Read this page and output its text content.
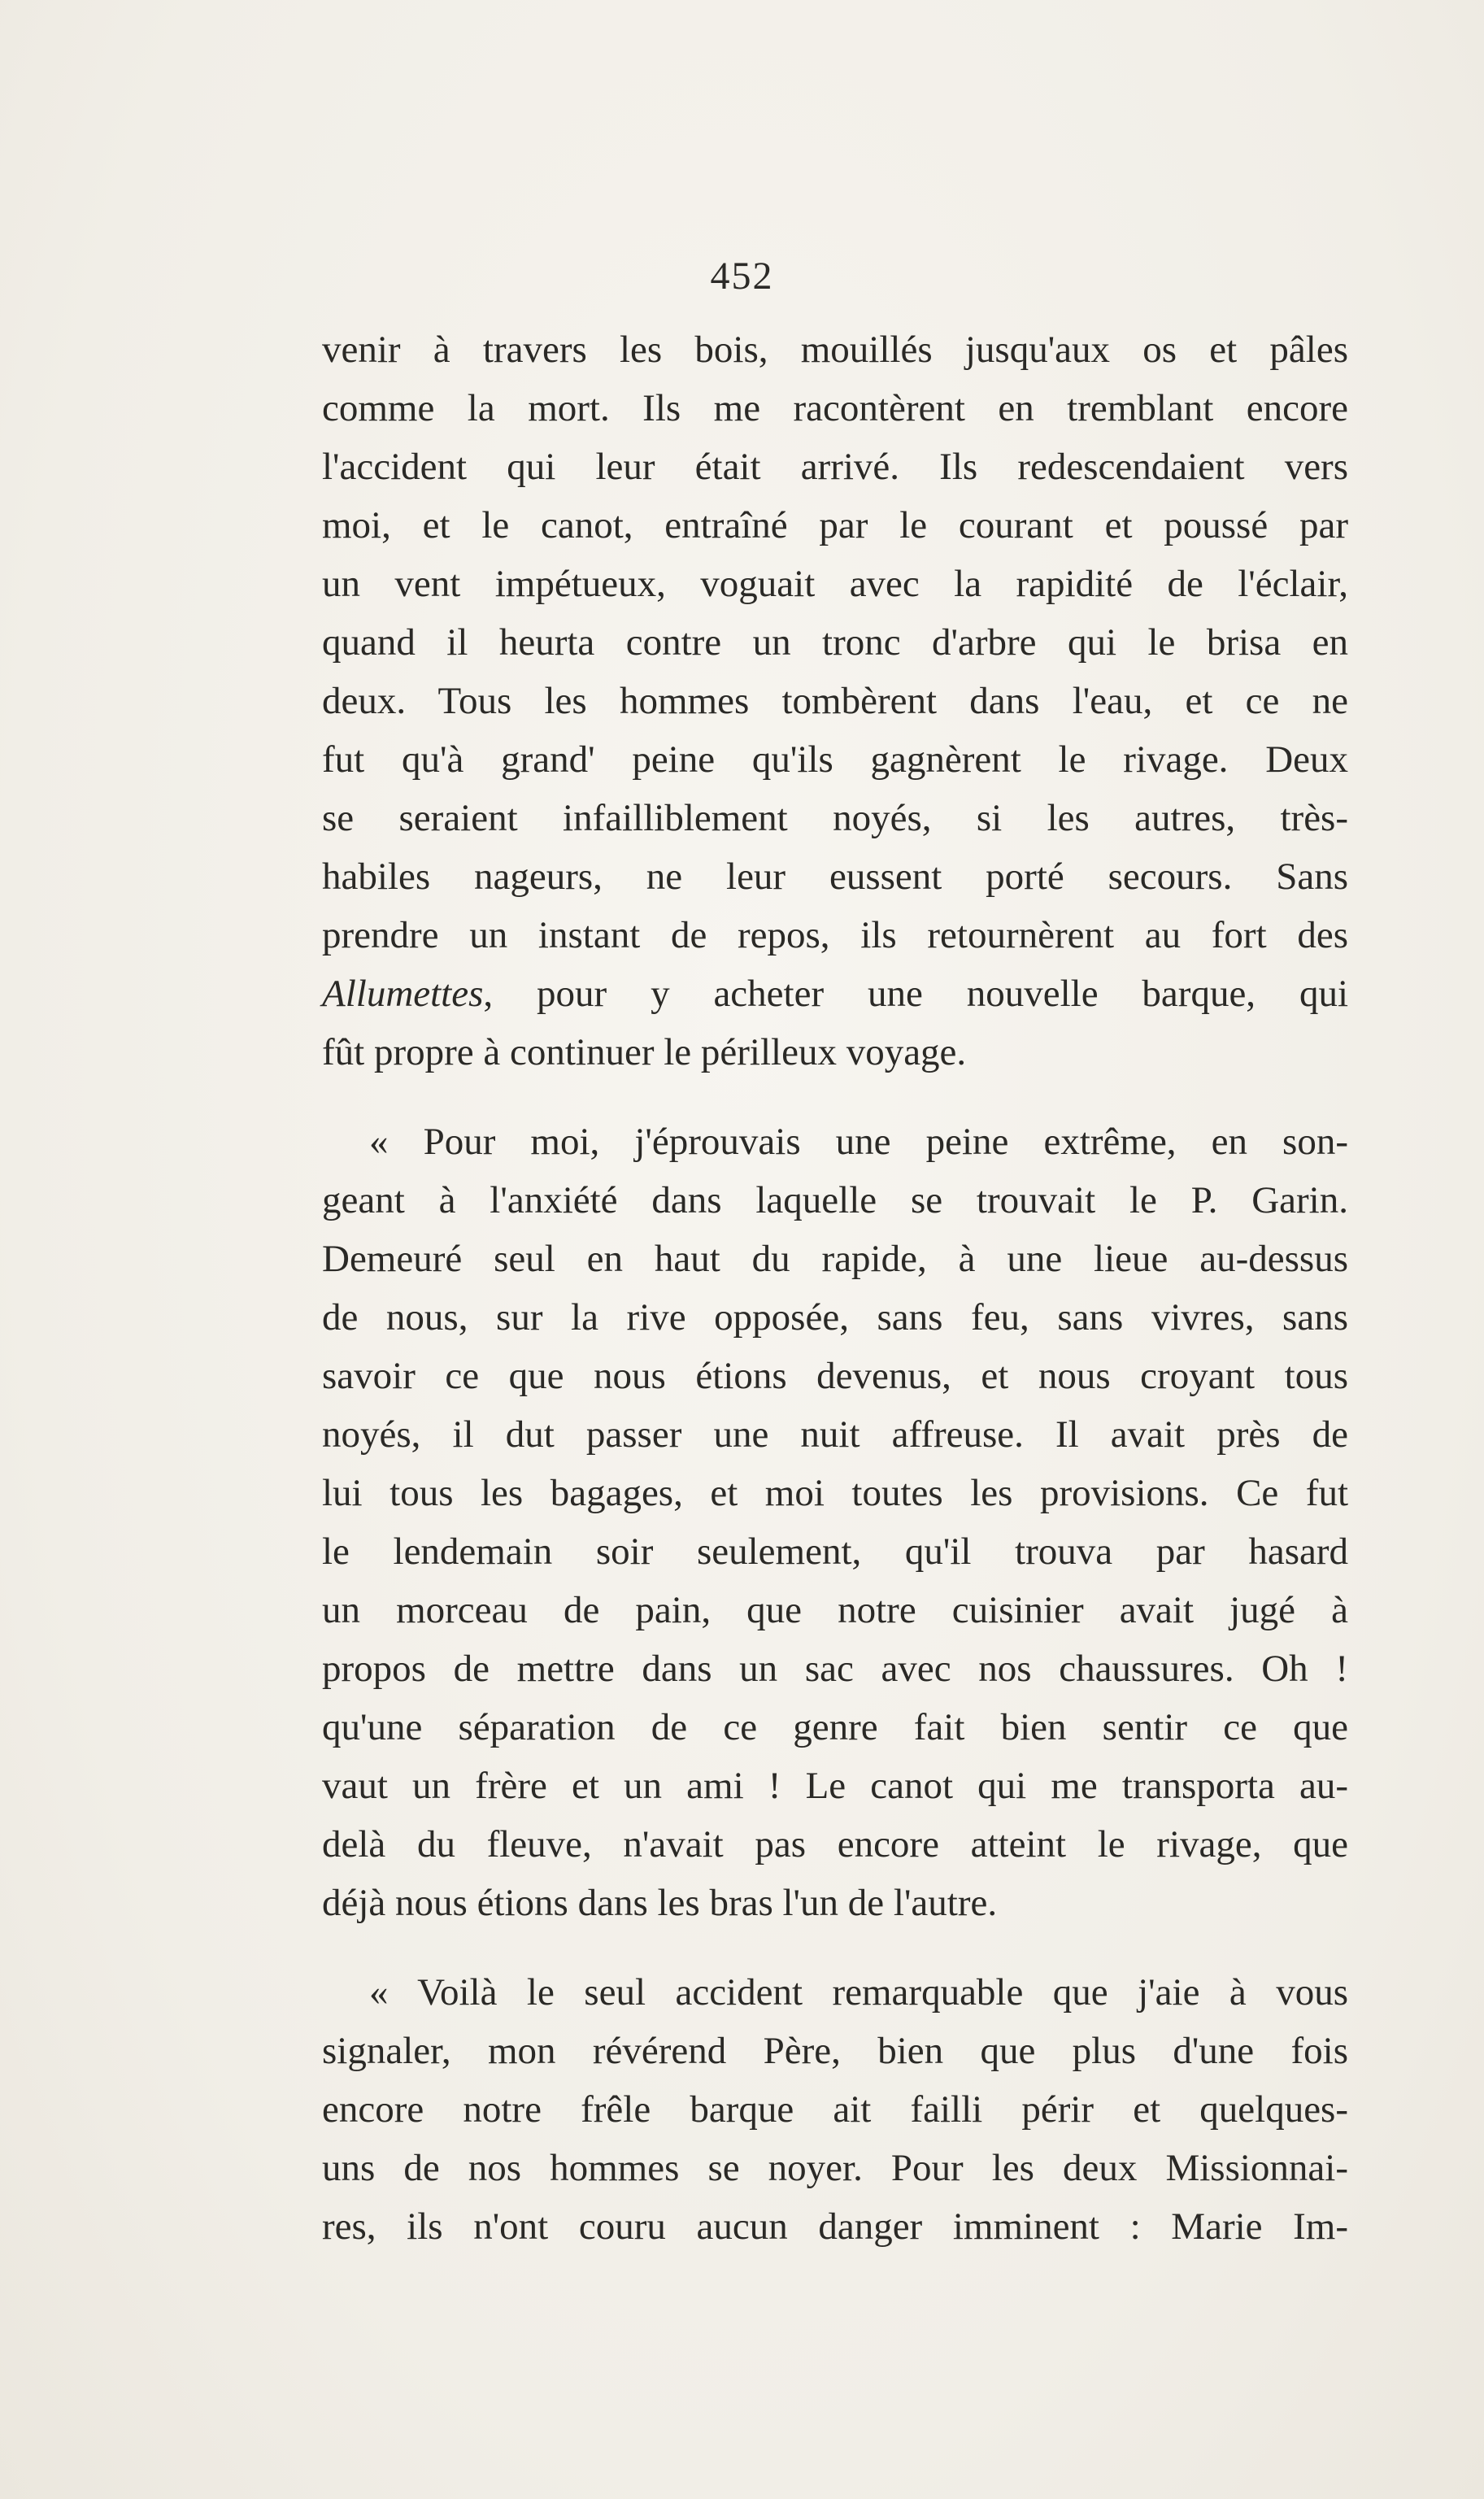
452
venir à travers les bois, mouillés jusqu'aux os et pâles
comme la mort. Ils me racontèrent en tremblant encore
l'accident qui leur était arrivé. Ils redescendaient vers
moi, et le canot, entraîné par le courant et poussé par
un vent impétueux, voguait avec la rapidité de l'éclair,
quand il heurta contre un tronc d'arbre qui le brisa en
deux. Tous les hommes tombèrent dans l'eau, et ce ne
fut qu'à grand' peine qu'ils gagnèrent le rivage. Deux
se seraient infailliblement noyés, si les autres, très-
habiles nageurs, ne leur eussent porté secours. Sans
prendre un instant de repos, ils retournèrent au fort des
Allumettes, pour y acheter une nouvelle barque, qui
fût propre à continuer le périlleux voyage.
« Pour moi, j'éprouvais une peine extrême, en son-
geant à l'anxiété dans laquelle se trouvait le P. Garin.
Demeuré seul en haut du rapide, à une lieue au-dessus
de nous, sur la rive opposée, sans feu, sans vivres, sans
savoir ce que nous étions devenus, et nous croyant tous
noyés, il dut passer une nuit affreuse. Il avait près de
lui tous les bagages, et moi toutes les provisions. Ce fut
le lendemain soir seulement, qu'il trouva par hasard
un morceau de pain, que notre cuisinier avait jugé à
propos de mettre dans un sac avec nos chaussures. Oh !
qu'une séparation de ce genre fait bien sentir ce que
vaut un frère et un ami ! Le canot qui me transporta au-
delà du fleuve, n'avait pas encore atteint le rivage, que
déjà nous étions dans les bras l'un de l'autre.
« Voilà le seul accident remarquable que j'aie à vous
signaler, mon révérend Père, bien que plus d'une fois
encore notre frêle barque ait failli périr et quelques-
uns de nos hommes se noyer. Pour les deux Missionnai-
res, ils n'ont couru aucun danger imminent : Marie Im-
